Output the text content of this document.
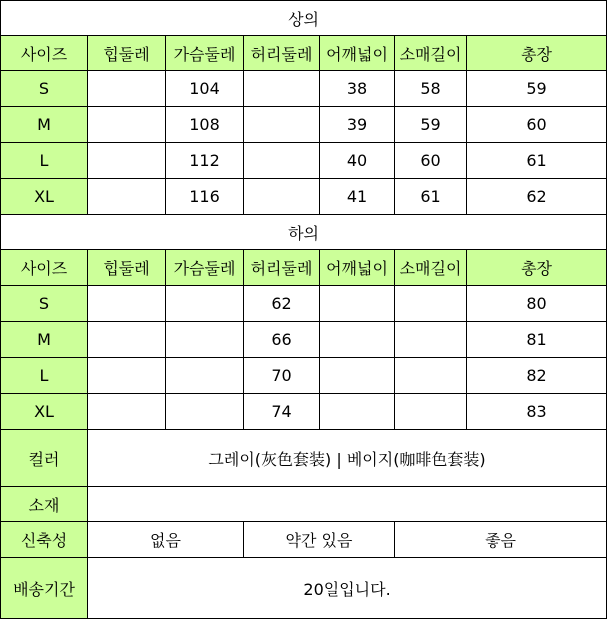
상의						
사이즈	힙둘레	가슴둘레	허리둘레	어깨넓이	소매길이	총장
S		104		38	58	59
M		108		39	59	60
L		112		40	60	61
XL		116		41	61	62
하의						
사이즈	힙둘레	가슴둘레	허리둘레	어깨넓이	소매길이	총장
S			62			80
M			66			81
L			70			82
XL			74			83
컬러	그레이(灰色套装) | 베이지(咖啡色套装)					
소재						
신축성	없음		약간 있음		좋음	
배송기간	20일입니다.					
